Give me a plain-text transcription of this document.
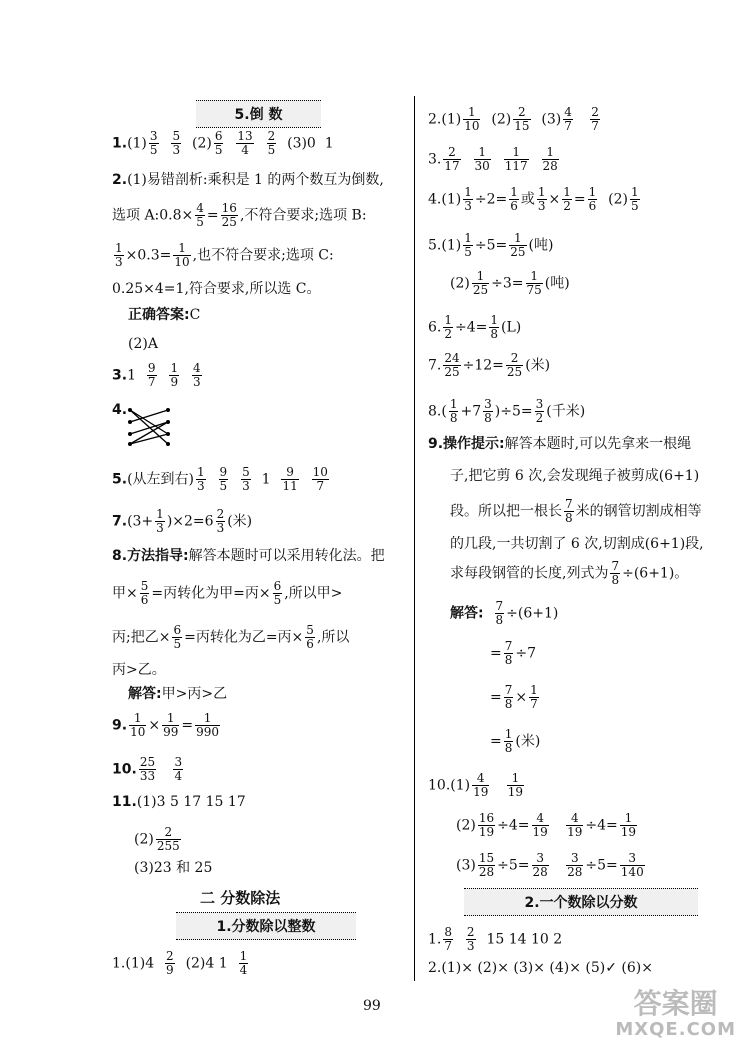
5.倒 数
$1.(1) \frac{3}{5}$
$\frac{5}{3} (2) \frac{6}{5}$
$\frac{13}{4}$
$\frac{2}{5} (3)0$  1
2.(1)易错剖析:乘积是 1 的两个数互为倒数,
选项 A:0.8× $\frac{4}{5} = \frac{16}{25}$ ,不符合要求;选项 B:
$\frac{1}{3} \times 0.3= \frac{1}{10}$ ,也不符合要求;选项 C:
0.25×4=1,符合要求,所以选 C。
正确答案:C
(2)A
$3.1 \frac{9}{7}$
$\frac{1}{9}$
$\frac{4}{3}$
4.
5.(从左到右) $\frac{1}{3}$
$\frac{9}{5}$
$\frac{5}{3} 1 \frac{9}{11}$
$\frac{10}{7}$
$7.(3+ \frac{1}{3} )\times 2=6 \frac{2}{3}$ (米)
8.方法指导:解答本题时可以采用转化法。把
甲× $\frac{5}{6}$ =丙转化为甲=丙× $\frac{6}{5}$ ,所以甲>
丙;把乙× $\frac{6}{5}$ =丙转化为乙=丙× $\frac{5}{6}$ ,所以
丙>乙。
解答:甲>丙>乙
9. $\frac{1}{10} \times \frac{1}{99} = \frac{1}{990}$
10. $\frac{25}{33}$
$\frac{3}{4}$
11.(1)3 5 17 15 17
$(2) \frac{2}{255}$
(3)23 和 25
二 分数除法
1.分数除以整数
$1.(1)4 \frac{2}{9} (2)4$ $1 \frac{1}{4}$
$2.(1) \frac{1}{10} (2) \frac{2}{15} (3) \frac{4}{7}$
$\frac{2}{7}$
3. $\frac{2}{17}$
$\frac{1}{30}$
$\frac{1}{117}$
$\frac{1}{28}$
$4.(1) \frac{1}{3} \div 2= \frac{1}{6}$ 或 $\frac{1}{3} \times \frac{1}{2} = \frac{1}{6} (2) \frac{1}{5}$
$5.(1) \frac{1}{5} \div 5= \frac{1}{25}$ (吨)
$(2) \frac{1}{25} \div 3= \frac{1}{75}$ (吨)
6. $\frac{1}{2} \div 4= \frac{1}{8} (L)$
7. $\frac{24}{25} \div 12= \frac{2}{25}$ (米)
$8.( \frac{1}{8} +7 \frac{3}{8} )\div 5= \frac{3}{2}$ (千米)
9.操作提示:解答本题时,可以先拿来一根绳
子,把它剪 6 次,会发现绳子被剪成(6+1)
段。所以把一根长 $\frac{7}{8}$ 米的钢管切割成相等
的几段,一共切割了 6 次,切割成(6+1)段,
求每段钢管的长度,列式为 $\frac{7}{8} \div(6+1)$。
解答: $\frac{7}{8} \div(6+1)$
= $\frac{7}{8} \div 7$
= $\frac{7}{8} \times \frac{1}{7}$
= $\frac{1}{8}$ (米)
$10.(1) \frac{4}{19}$
$\frac{1}{19}$
$(2) \frac{16}{19} \div 4= \frac{4}{19}$
$\frac{4}{19} \div 4= \frac{1}{19}$
$(3) \frac{15}{28} \div 5= \frac{3}{28}$
$\frac{3}{28} \div 5= \frac{3}{140}$
2.一个数除以分数
1. $\frac{8}{7}$
$\frac{2}{3} 15$ 14 10 2
2.(1)× (2)× (3)× (4)× (5)✓ (6)×
99	答案圈
MXQE.COM
